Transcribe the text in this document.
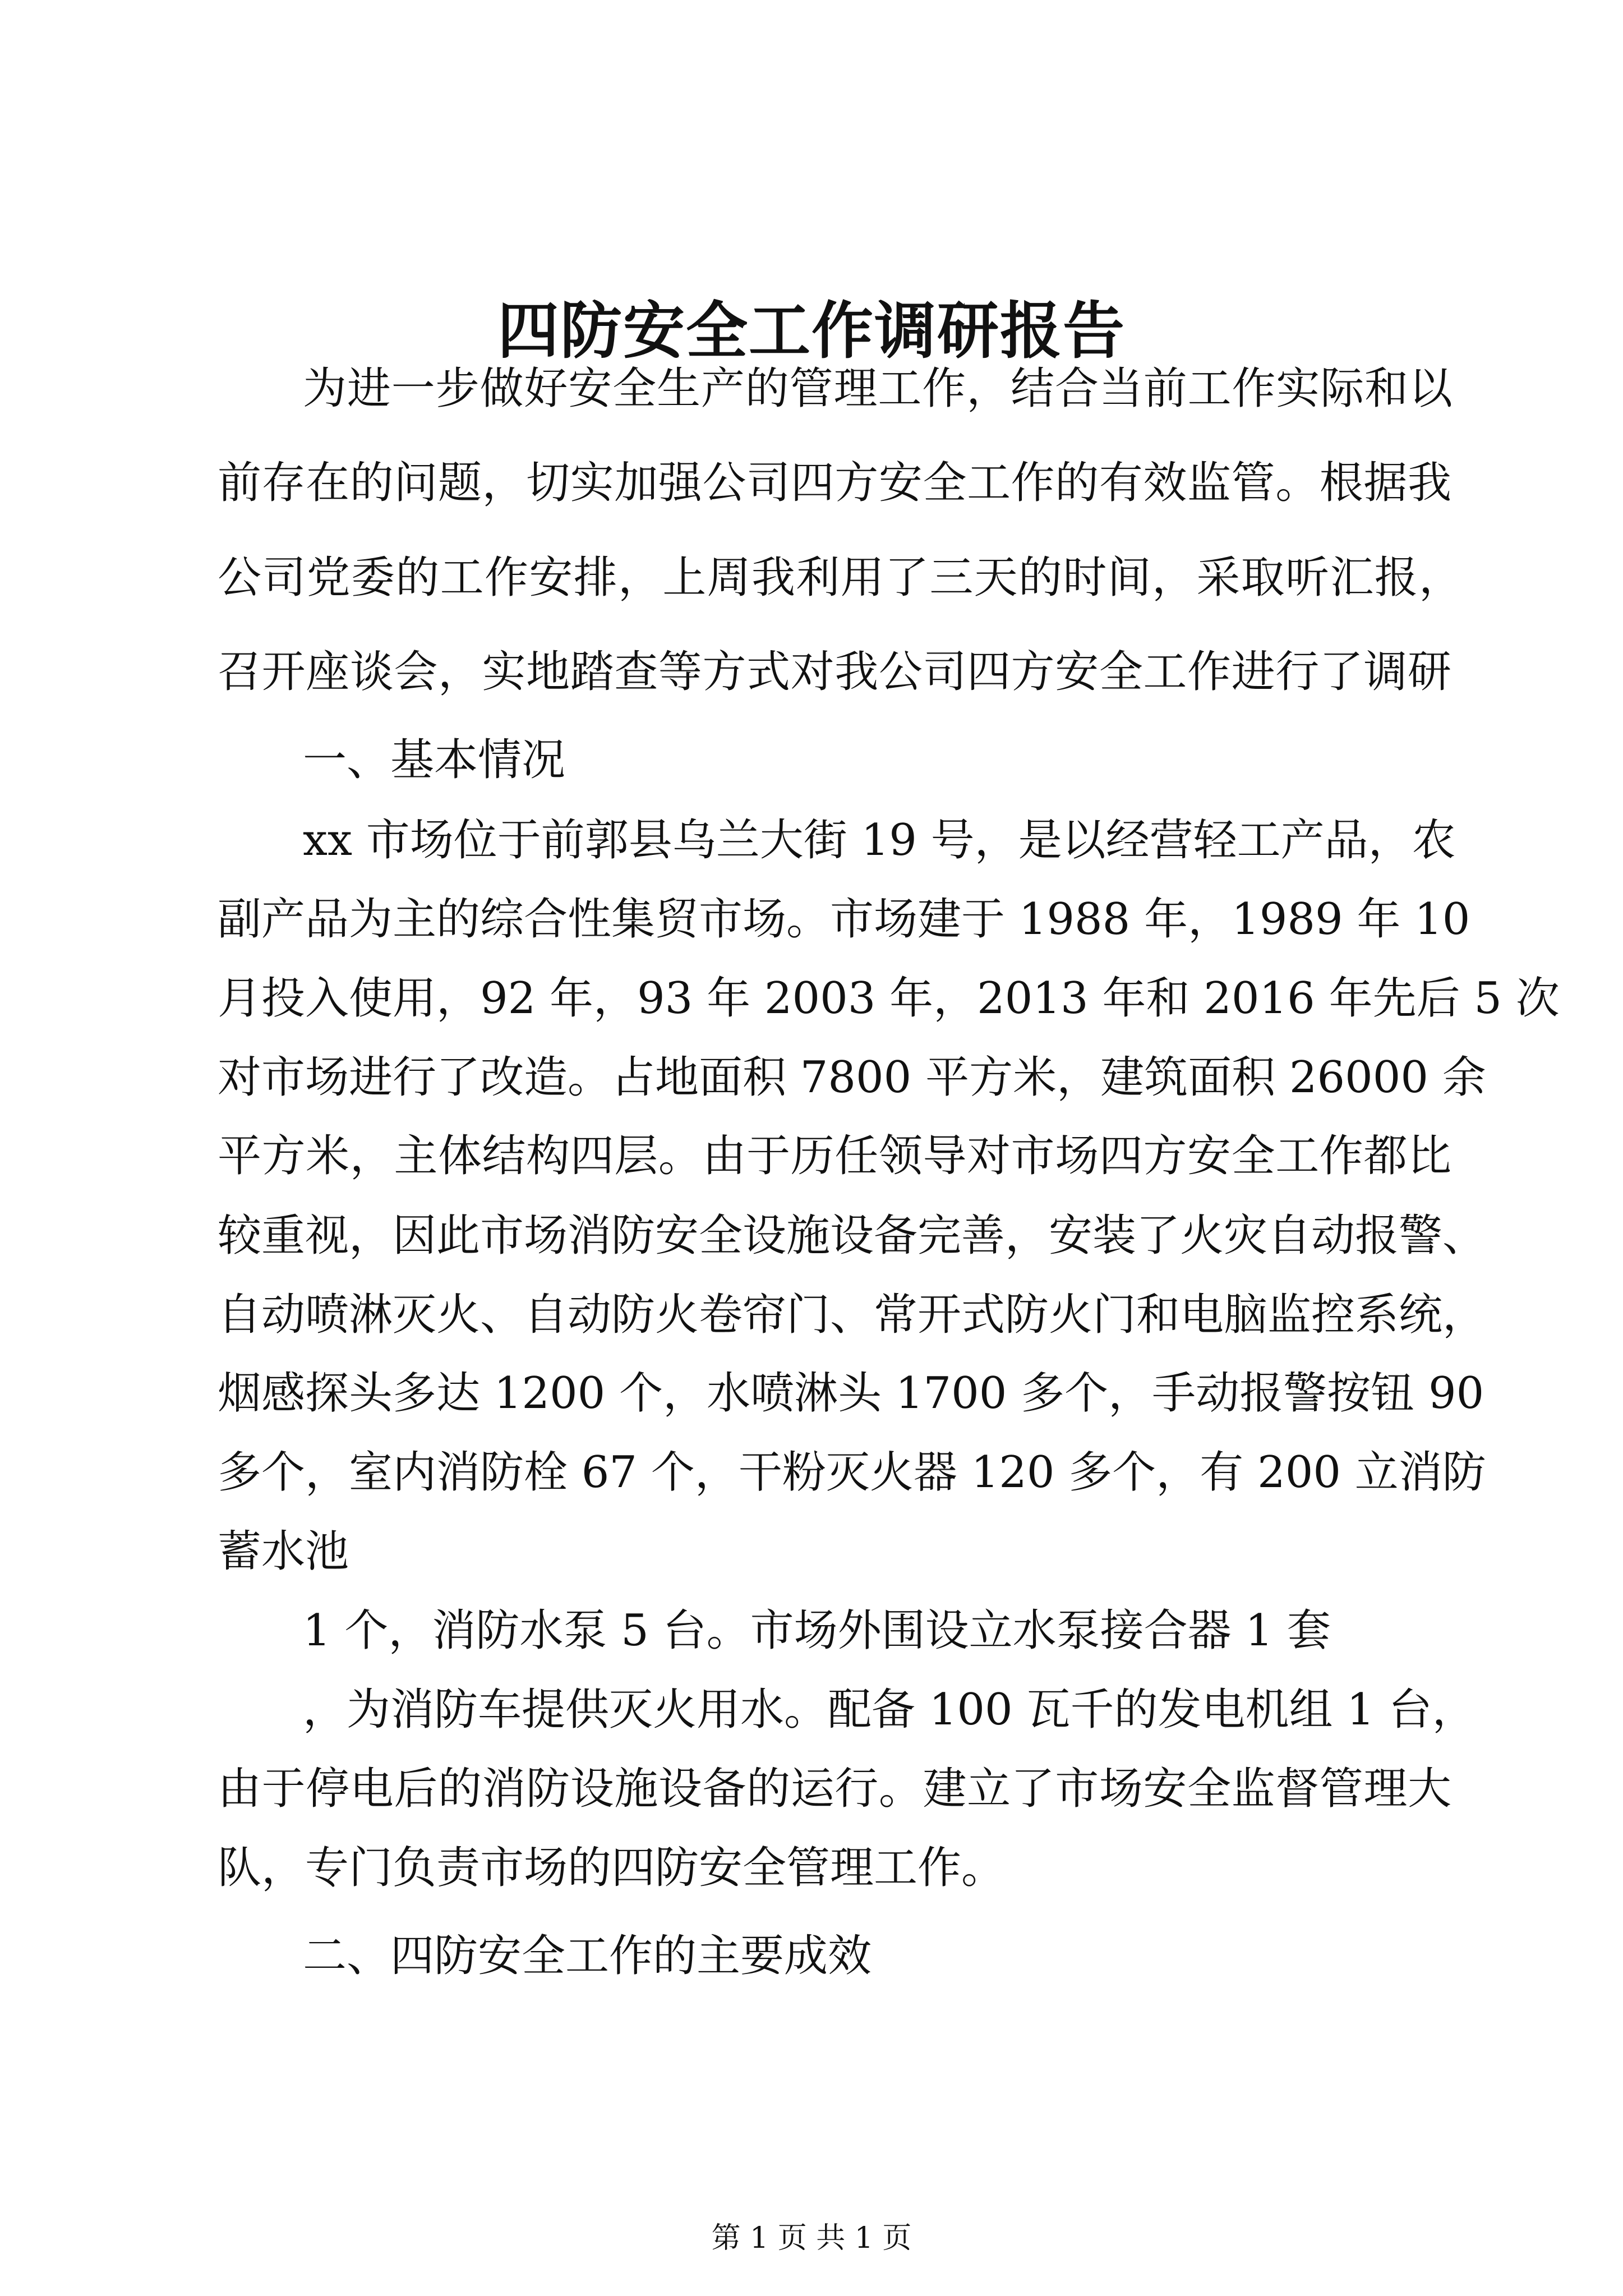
四防安全工作调研报告
为进一步做好安全生产的管理工作，结合当前工作实际和以
前存在的问题，切实加强公司四方安全工作的有效监管。根据我
公司党委的工作安排，上周我利用了三天的时间，采取听汇报，
召开座谈会，实地踏查等方式对我公司四方安全工作进行了调研
一、基本情况
xx 市场位于前郭县乌兰大街 19 号，是以经营轻工产品，农
副产品为主的综合性集贸市场。市场建于 1988 年，1989 年 10
月投入使用，92 年，93 年 2003 年，2013 年和 2016 年先后 5 次
对市场进行了改造。占地面积 7800 平方米，建筑面积 26000 余
平方米，主体结构四层。由于历任领导对市场四方安全工作都比
较重视，因此市场消防安全设施设备完善，安装了火灾自动报警、
自动喷淋灭火、自动防火卷帘门、常开式防火门和电脑监控系统，
烟感探头多达 1200 个，水喷淋头 1700 多个，手动报警按钮 90
多个，室内消防栓 67 个，干粉灭火器 120 多个，有 200 立消防
蓄水池
1 个，消防水泵 5 台。市场外围设立水泵接合器 1 套
，为消防车提供灭火用水。配备 100 瓦千的发电机组 1 台，
由于停电后的消防设施设备的运行。建立了市场安全监督管理大
队，专门负责市场的四防安全管理工作。
二、四防安全工作的主要成效
第 1 页 共 1 页
